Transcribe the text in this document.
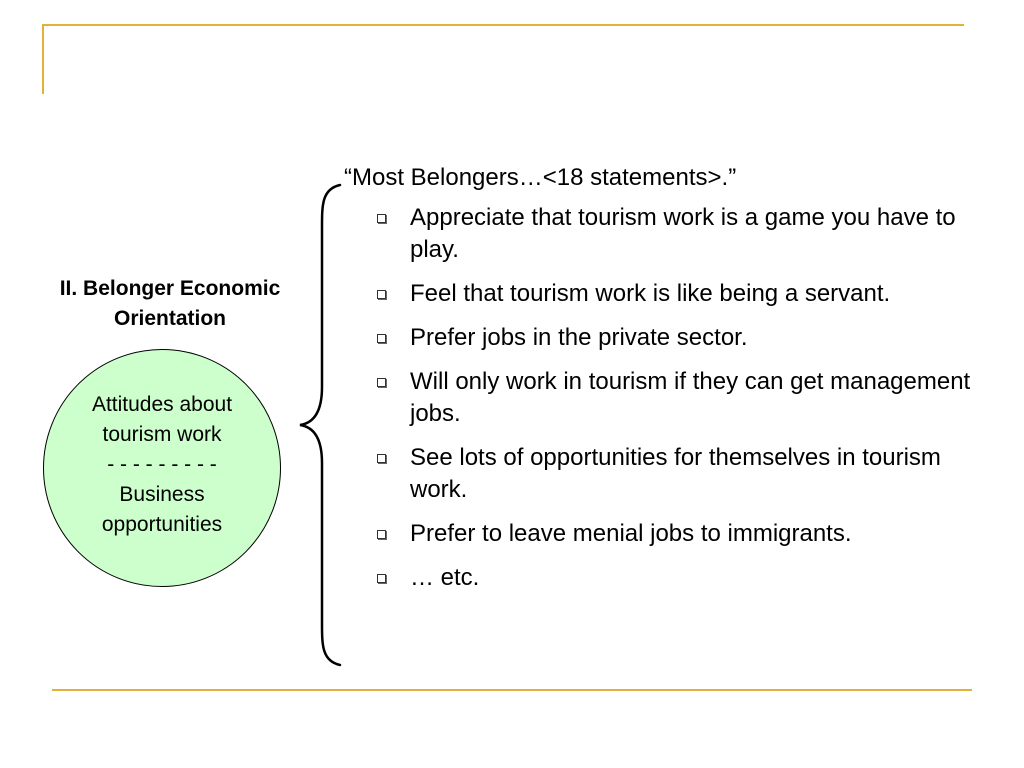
II. Belonger Economic
Orientation
Attitudes about
tourism work
- - - - - - - - -
Business
opportunities
“Most Belongers…<18 statements>.”
Appreciate that tourism work is a game you have to play.
Feel that tourism work is like being a servant.
Prefer jobs in the private sector.
Will only work in tourism if they can get management jobs.
See lots of opportunities for themselves in tourism work.
Prefer to leave menial jobs to immigrants.
… etc.
